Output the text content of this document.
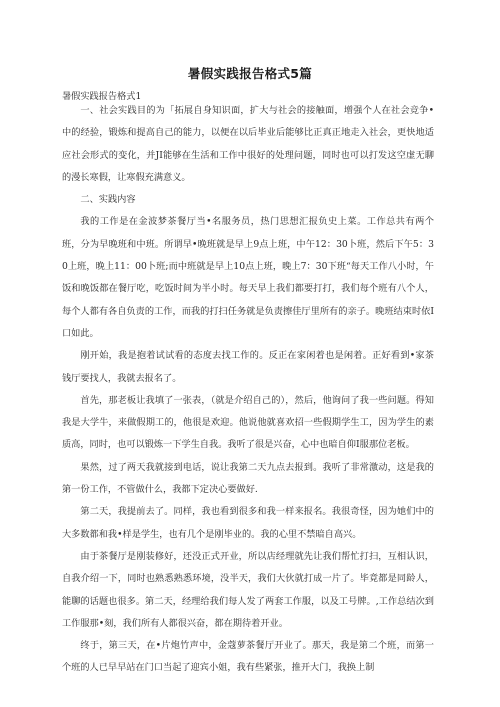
暑假实践报告格式5篇
暑假实践报告格式1

一、社会实践目的为「拓展自身知识面，扩大与社会的接触面，增强个人在社会竞争•中的经验，锻炼和提高自己的能力，以便在以后毕业后能够比正真正地走入社会，更快地适应社会形式的变化，并JI能够在生活和工作中很好的处理问题，同时也可以打发这空虚无聊的漫长寒假，让寒假充满意义。

二、实践内容

我的工作是在金波梦茶餐厅当•名服务员，热门思想汇报负史上菜。工作总共有两个班，分为早晚班和中班。所谓早•晚班就是早上9点上班，中午12：30卜班，然后下午5：30上班，晚上11：00卜班;而中班就是早上10点上班，晚上7：30下班“每天工作八小时，午饭和晚饭都在餐厅吃，吃饭时间为半小时。每天早上我们都要打打，我们每个班有八个人，每个人都有各自负责的工作，而我的打扫任务就是负责擦佳厅里所有的亲子。晚班结束时依I口如此。

刚开始，我是抱着试试看的态度去找工作的。反正在家闲着也是闲着。正好看到•家茶钱厅要找人，我就去报名了。

首先，那老板让我填了一张表，（就是介绍自己的），然后，他询问了我一些问题。得知我是大学牛，来做假期工的，他很是欢迎。他说他就喜欢招一些假期学生工，因为学生的素质高，同时，也可以锻炼一下学生自我。我听了很是兴奋，心中也暗自仰I服那位老板。

果然，过了两天我就接到电话，说让我第二天九点去报到。我听了非常激动，这是我的第一份工作，不管做什么，我都下定决心要做好.

第二天，我提前去了。同样，我也看到很多和我一样来报名。我很奇怪，因为她们中的大多数都和我•样是学生，也有几个是刚毕业的。我的心里不禁暗自高兴。

由于茶餐厅是刚装修好，还没正式开业，所以店经理就先让我们帮忙打扫，互相认识，自我介绍一下，同时也熟悉熟悉环境，没半天，我们大伙就打成一片了。毕竟都是同龄人，能聊的话题也很多。第二天，经理给我们每人发了两套工作服，以及工号牌。,工作总结次到工作服那•刻，我们所有人都很兴奋，都在期待着开业。

终于，第三天，在•片炮竹声中，金蔻萝茶餐厅开业了。那天，我是第二个班，而第一个班的人已早早站在门口当起了迎宾小姐，我有些紧张，推开大门，我换上制
